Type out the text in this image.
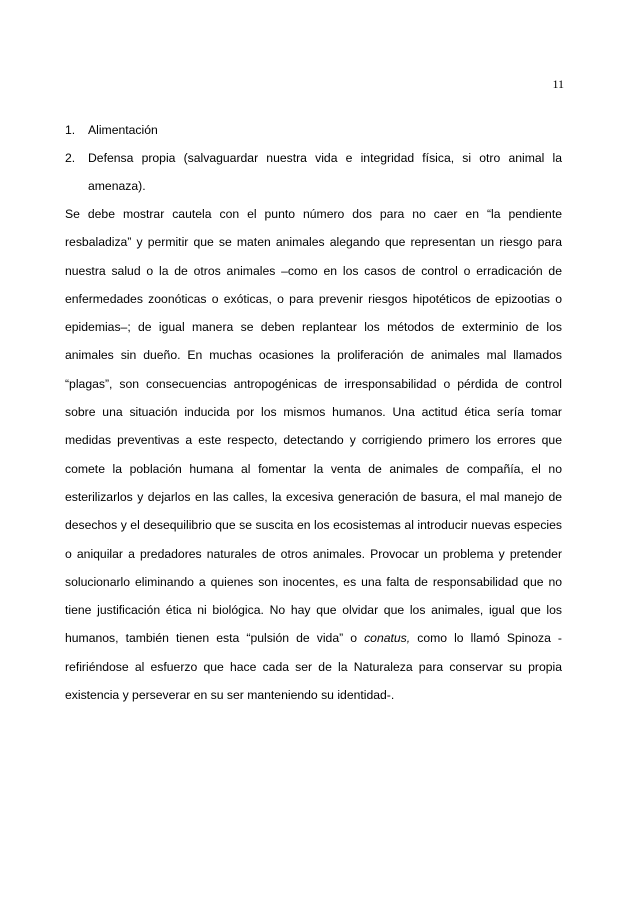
11
1. Alimentación
2. Defensa propia (salvaguardar nuestra vida e integridad física, si otro animal la amenaza).

Se debe mostrar cautela con el punto número dos para no caer en “la pendiente resbaladiza” y permitir que se maten animales alegando que representan un riesgo para nuestra salud o la de otros animales –como en los casos de control o erradicación de enfermedades zoonóticas o exóticas, o para prevenir riesgos hipotéticos de epizootias o epidemias–; de igual manera se deben replantear los métodos de exterminio de los animales sin dueño. En muchas ocasiones la proliferación de animales mal llamados “plagas”, son consecuencias antropogénicas de irresponsabilidad o pérdida de control sobre una situación inducida por los mismos humanos. Una actitud ética sería tomar medidas preventivas a este respecto, detectando y corrigiendo primero los errores que comete la población humana al fomentar la venta de animales de compañía, el no esterilizarlos y dejarlos en las calles, la excesiva generación de basura, el mal manejo de desechos y el desequilibrio que se suscita en los ecosistemas al introducir nuevas especies o aniquilar a predadores naturales de otros animales. Provocar un problema y pretender solucionarlo eliminando a quienes son inocentes, es una falta de responsabilidad que no tiene justificación ética ni biológica. No hay que olvidar que los animales, igual que los humanos, también tienen esta “pulsión de vida” o conatus, como lo llamó Spinoza -refiriéndose al esfuerzo que hace cada ser de la Naturaleza para conservar su propia existencia y perseverar en su ser manteniendo su identidad-.
